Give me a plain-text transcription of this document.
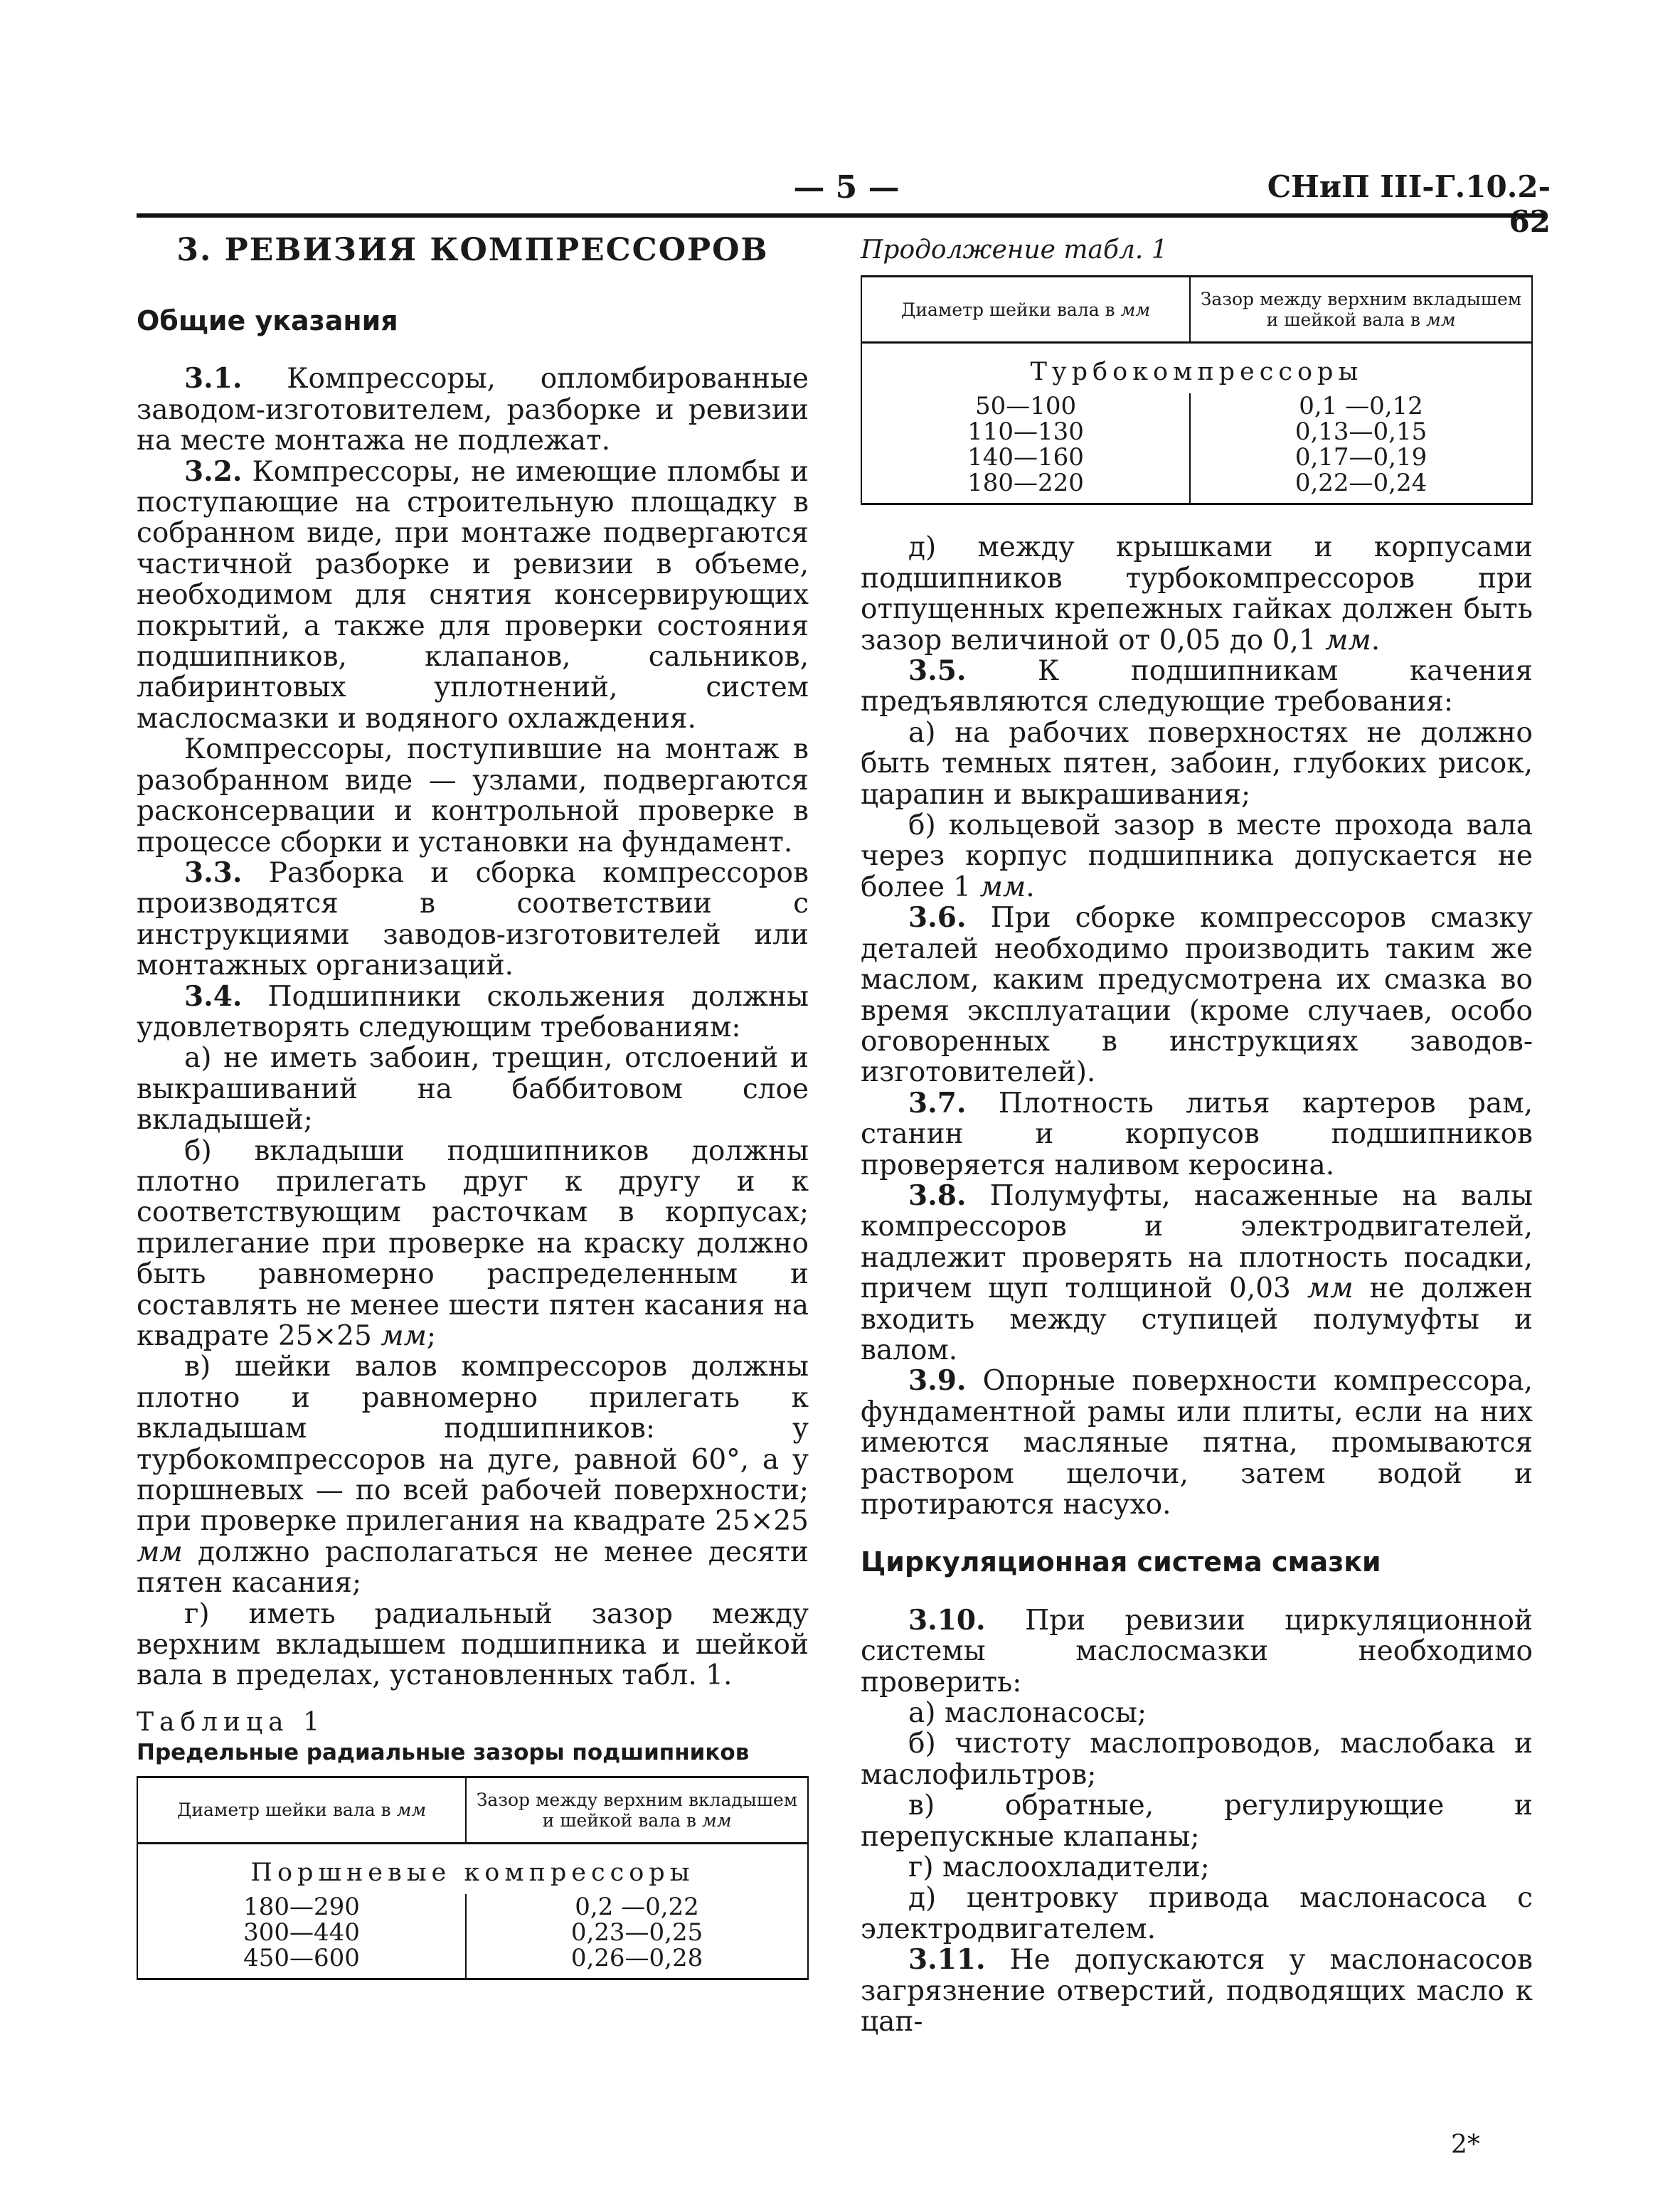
— 5 —	СНиП III-Г.10.2-62
3. РЕВИЗИЯ КОМПРЕССОРОВ

Общие указания

3.1. Компрессоры, опломбированные заводом-изготовителем, разборке и ревизии на месте монтажа не подлежат.

3.2. Компрессоры, не имеющие пломбы и поступающие на строительную площадку в собранном виде, при монтаже подвергаются частичной разборке и ревизии в объеме, необходимом для снятия консервирующих покрытий, а также для проверки состояния подшипников, клапанов, сальников, лабиринтовых уплотнений, систем маслосмазки и водяного охлаждения.

Компрессоры, поступившие на монтаж в разобранном виде — узлами, подвергаются расконсервации и контрольной проверке в процессе сборки и установки на фундамент.

3.3. Разборка и сборка компрессоров производятся в соответствии с инструкциями заводов-изготовителей или монтажных организаций.

3.4. Подшипники скольжения должны удовлетворять следующим требованиям:

а) не иметь забоин, трещин, отслоений и выкрашиваний на баббитовом слое вкладышей;

б) вкладыши подшипников должны плотно прилегать друг к другу и к соответствующим расточкам в корпусах; прилегание при проверке на краску должно быть равномерно распределенным и составлять не менее шести пятен касания на квадрате 25×25 мм;

в) шейки валов компрессоров должны плотно и равномерно прилегать к вкладышам подшипников: у турбокомпрессоров на дуге, равной 60°, а у поршневых — по всей рабочей поверхности; при проверке прилегания на квадрате 25×25 мм должно располагаться не менее десяти пятен касания;

г) иметь радиальный зазор между верхним вкладышем подшипника и шейкой вала в пределах, установленных табл. 1.

Таблица 1

Предельные радиальные зазоры подшипников

Диаметр шейки вала в мм	Зазор между верхним вкладышем и шейкой вала в мм
Поршневые компрессоры	
180—290	0,2 —0,22
300—440	0,23—0,25
450—600	0,26—0,28

Продолжение табл. 1

Диаметр шейки вала в мм	Зазор между верхним вкладышем и шейкой вала в мм
Турбокомпрессоры	
50—100	0,1 —0,12
110—130	0,13—0,15
140—160	0,17—0,19
180—220	0,22—0,24

д) между крышками и корпусами подшипников турбокомпрессоров при отпущенных крепежных гайках должен быть зазор величиной от 0,05 до 0,1 мм.

3.5.	К подшипникам качения предъявляются следующие требования:

а) на рабочих поверхностях не должно быть темных пятен, забоин, глубоких рисок, царапин и выкрашивания;

б) кольцевой зазор в месте прохода вала через корпус подшипника допускается не более 1 мм.

3.6. При сборке компрессоров смазку деталей необходимо производить таким же маслом, каким предусмотрена их смазка во время эксплуатации (кроме случаев, особо оговоренных в инструкциях заводов-изготовителей).

3.7. Плотность литья картеров рам, станин и корпусов подшипников проверяется наливом керосина.

3.8. Полумуфты, насаженные на валы компрессоров и электродвигателей, надлежит проверять на плотность посадки, причем щуп толщиной 0,03 мм не должен входить между ступицей полумуфты и валом.

3.9. Опорные поверхности компрессора, фундаментной рамы или плиты, если на них имеются масляные пятна, промываются раствором щелочи, затем водой и протираются насухо.

Циркуляционная система смазки

3.10. При ревизии циркуляционной системы маслосмазки необходимо проверить:

а) маслонасосы;

б) чистоту маслопроводов, маслобака и маслофильтров;

в) обратные, регулирующие и перепускные клапаны;

г) маслоохладители;

д) центровку привода маслонасоса с электродвигателем.

3.11. Не допускаются у маслонасосов загрязнение отверстий, подводящих масло к цап-

2*
